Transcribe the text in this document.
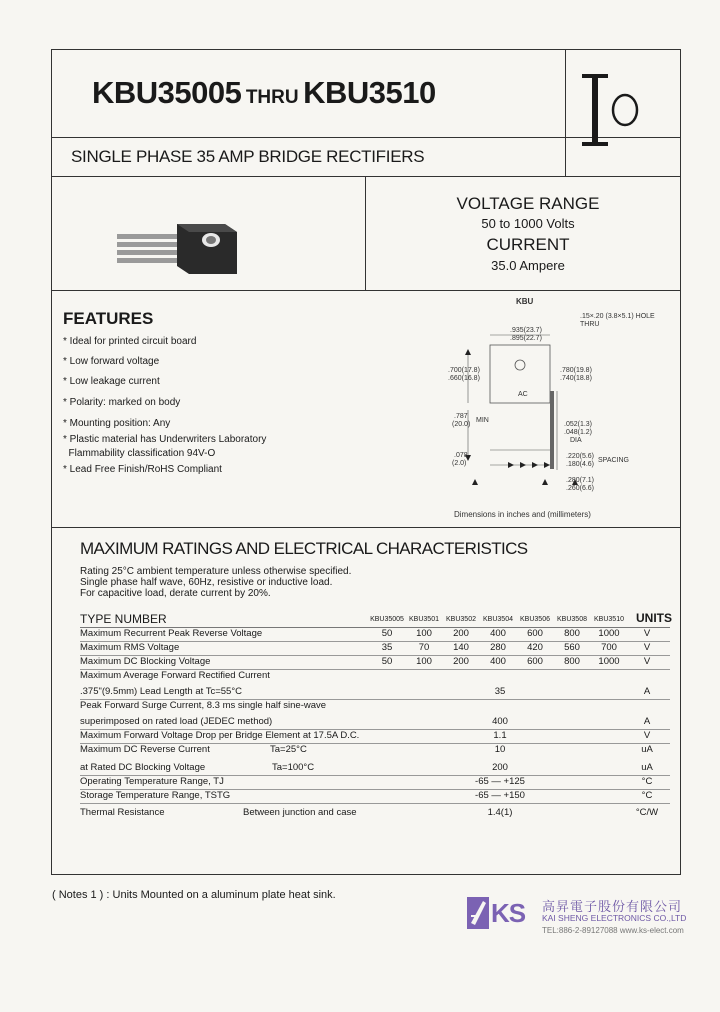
KBU35005 THRU KBU3510
SINGLE PHASE 35 AMP BRIDGE RECTIFIERS
VOLTAGE RANGE
50 to 1000 Volts
CURRENT
35.0 Ampere
FEATURES
* Ideal for printed circuit board
* Low forward voltage
* Low leakage current
* Polarity: marked on body
* Mounting position: Any
* Plastic material has Underwriters Laboratory
Flammability classification 94V-O
* Lead Free Finish/RoHS Compliant
KBU
.15×.20 (3.8×5.1) HOLE THRU
.935(23.7)
.895(22.7)
.700(17.8)
.660(16.8)
.780(19.8)
.740(18.8)
AC
.787
(20.0)
MIN
.052(1.3)
.048(1.2)
DIA
.078
(2.0)
.220(5.6)
.180(4.6)
SPACING
.280(7.1)
.260(6.6)
Dimensions in inches and (millimeters)
MAXIMUM RATINGS AND ELECTRICAL CHARACTERISTICS
Rating 25°C ambient temperature unless otherwise specified.
Single phase half wave, 60Hz, resistive or inductive load.
For capacitive load, derate current by 20%.
TYPE NUMBER	KBU35005 KBU3501	KBU3502	KBU3504	KBU3506	KBU3508	KBU3510	UNITS
Maximum Recurrent Peak Reverse Voltage	50	100	200	400	600	800	1000	V
Maximum RMS Voltage	35	70	140	280	420	560	700	V
Maximum DC Blocking Voltage	50	100	200	400	600	800	1000	V
Maximum Average Forward Rectified Current
.375"(9.5mm) Lead Length at Tc=55°C	35	A
Peak Forward Surge Current, 8.3 ms single half sine-wave
superimposed on rated load (JEDEC method)	400	A
Maximum Forward Voltage Drop per Bridge Element at 17.5A D.C.	1.1	V
Maximum DC Reverse Current	Ta=25°C	10	uA
at Rated DC Blocking Voltage	Ta=100°C	200	uA
Operating Temperature Range, TJ	-65 — +125	°C
Storage Temperature Range, TSTG	-65 — +150	°C
Thermal Resistance	Between junction and case	1.4(1)	°C/W
( Notes 1 ) : Units Mounted on a aluminum plate heat sink.
KS 高昇電子股份有限公司
KAI SHENG ELECTRONICS CO.,LTD
TEL:886-2-89127088 www.ks-elect.com
